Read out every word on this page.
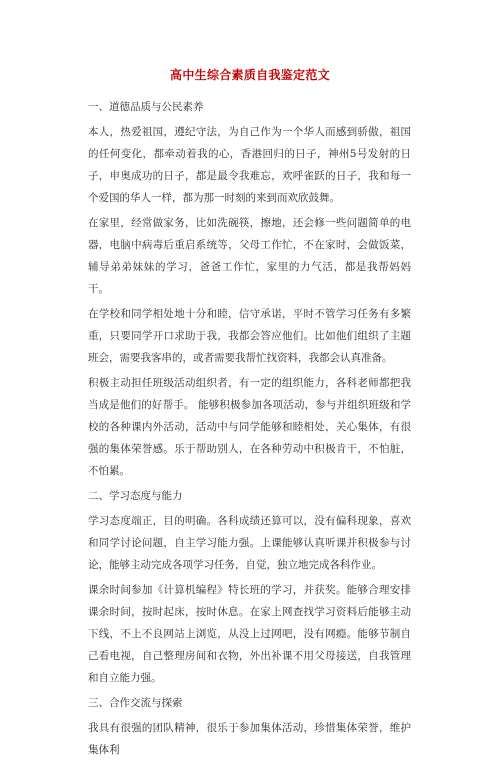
高中生综合素质自我鉴定范文
一、道德品质与公民素养
本人，热爱祖国，遵纪守法，为自己作为一个华人而感到骄傲，祖国的任何变化，都牵动着我的心，香港回归的日子，神州5号发射的日子，申奥成功的日子，都是最令我难忘，欢呼雀跃的日子，我和每一个爱国的华人一样，都为那一时刻的来到而欢欣鼓舞。
在家里，经常做家务，比如洗碗筷，擦地，还会修一些问题简单的电器，电脑中病毒后重启系统等，父母工作忙，不在家时，会做饭菜，辅导弟弟妹妹的学习，爸爸工作忙，家里的力气活，都是我帮妈妈干。
在学校和同学相处地十分和睦，信守承诺，平时不管学习任务有多繁重，只要同学开口求助于我，我都会答应他们。比如他们组织了主题班会，需要我客串的，或者需要我帮忙找资料，我都会认真准备。
积极主动担任班级活动组织者，有一定的组织能力，各科老师都把我当成是他们的好帮手。 能够积极参加各项活动，参与并组织班级和学校的各种课内外活动，活动中与同学能够和睦相处，关心集体，有很强的集体荣誉感。乐于帮助别人，在各种劳动中积极肯干，不怕脏，不怕累。
二、学习态度与能力
学习态度端正，目的明确。各科成绩还算可以，没有偏科现象，喜欢和同学讨论问题，自主学习能力强。上课能够认真听课并积极参与讨论，能够主动完成各项学习任务，自觉，独立地完成各科作业。
课余时间参加《计算机编程》特长班的学习，并获奖。能够合理安排课余时间，按时起床，按时休息。在家上网查找学习资料后能够主动下线，不上不良网站上浏览，从没上过网吧，没有网瘾。能够节制自己看电视，自己整理房间和衣物，外出补课不用父母接送，自我管理和自立能力强。
三、合作交流与探索
我具有很强的团队精神，很乐于参加集体活动，珍惜集体荣誉，维护集体利
